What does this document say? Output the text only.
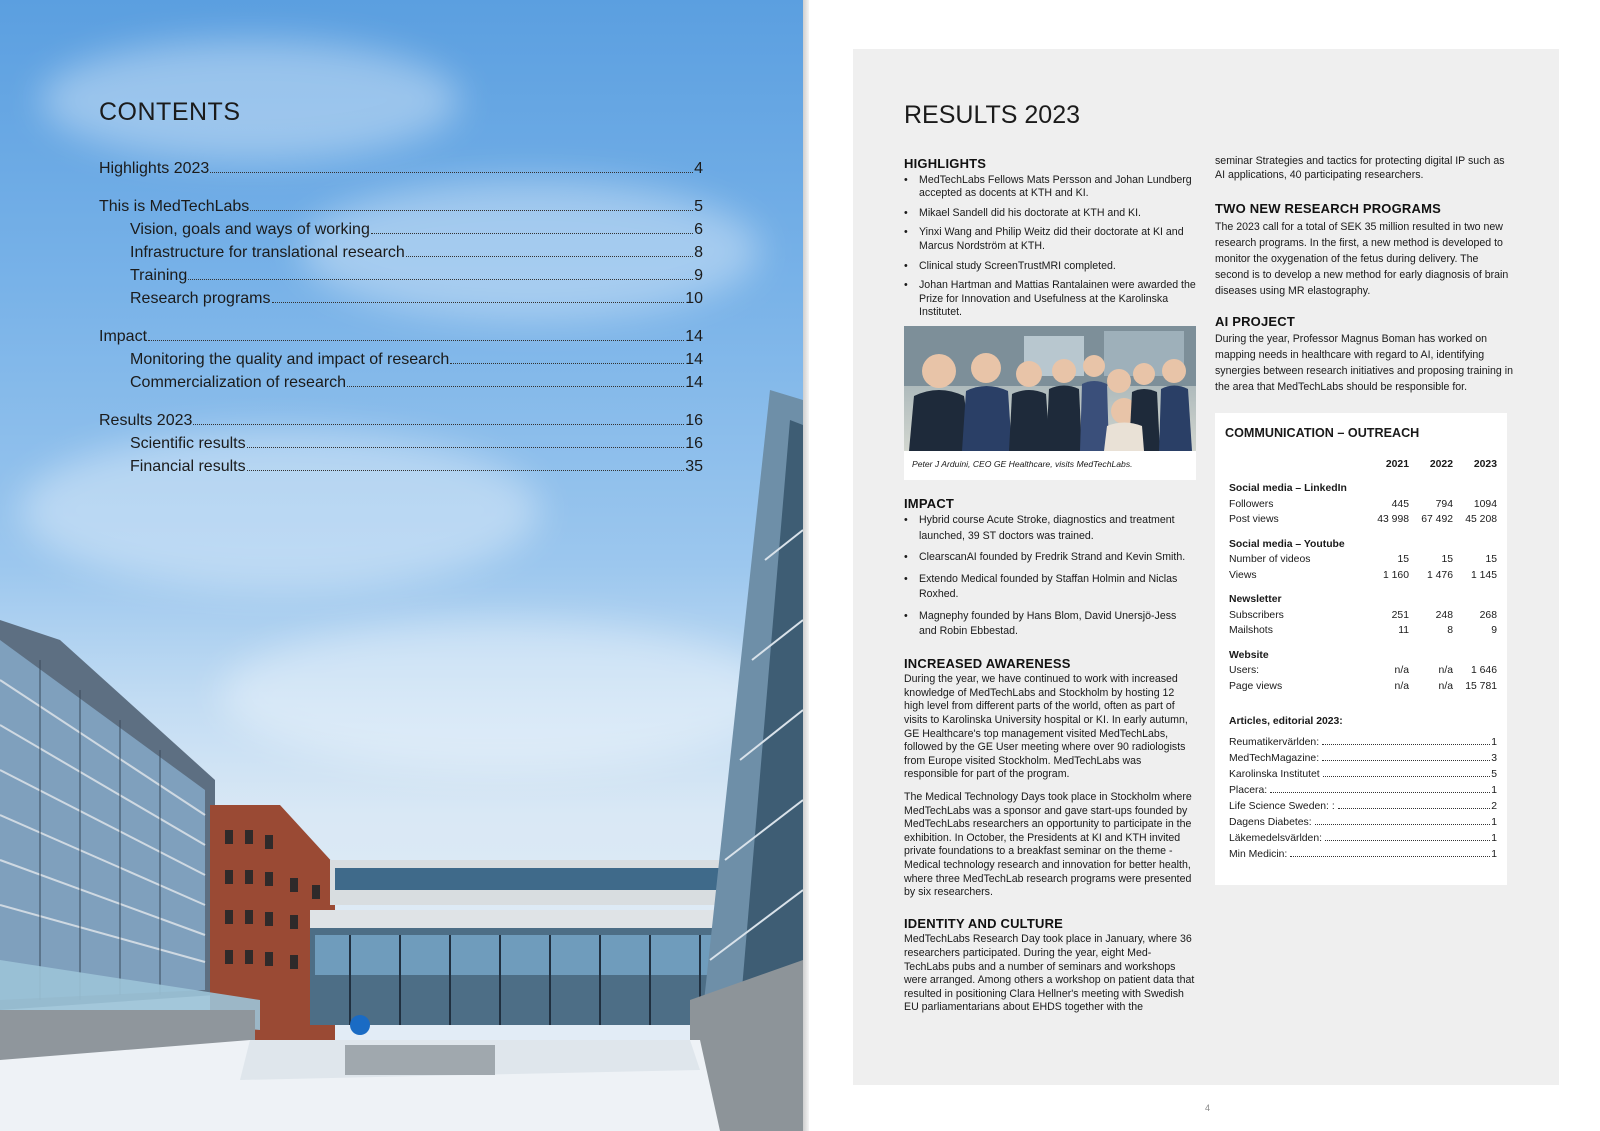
CONTENTS
Highlights 2023	4
This is MedTechLabs	5
Vision, goals and ways of working	6
Infrastructure for translational research	8
Training	9
Research programs	10
Impact	14
Monitoring the quality and impact of research	14
Commercialization of research	14
Results 2023	16
Scientific results	16
Financial results	35
RESULTS 2023
HIGHLIGHTS
• MedTechLabs Fellows Mats Persson and Johan Lundberg accepted as docents at KTH and KI.
• Mikael Sandell did his doctorate at KTH and KI.
• Yinxi Wang and Philip Weitz did their doctorate at KI and Marcus Nordström at KTH.
• Clinical study ScreenTrustMRI completed.
• Johan Hartman and Mattias Rantalainen were awarded the Prize for Innovation and Usefulness at the Karolinska Institutet.
Peter J Arduini, CEO GE Healthcare, visits MedTechLabs.
IMPACT
• Hybrid course Acute Stroke, diagnostics and treatment launched, 39 ST doctors was trained.
• ClearscanAI founded by Fredrik Strand and Kevin Smith.
• Extendo Medical founded by Staffan Holmin and Niclas Roxhed.
• Magnephy founded by Hans Blom, David Unersjö-Jess and Robin Ebbestad.
INCREASED AWARENESS

During the year, we have continued to work with increased knowledge of MedTechLabs and Stockholm by hosting 12 high level from different parts of the world, often as part of visits to Karolinska University hospital or KI. In early autumn, GE Healthcare's top management visited MedTechLabs, followed by the GE User meeting where over 90 radiologists from Europe visited Stockholm. MedTechLabs was responsible for part of the program.

The Medical Technology Days took place in Stockholm where MedTechLabs was a sponsor and gave start-ups founded by MedTechLabs researchers an opportunity to participate in the exhibition. In October, the Presidents at KI and KTH invited private foundations to a breakfast seminar on the theme - Medical technology research and innovation for better health, where three MedTechLab research programs were presented by six researchers.

IDENTITY AND CULTURE

MedTechLabs Research Day took place in January, where 36 researchers participated. During the year, eight Med-TechLabs pubs and a number of seminars and workshops were arranged. Among others a workshop on patient data that resulted in positioning Clara Hellner's meeting with Swedish EU parliamentarians about EHDS together with the

seminar Strategies and tactics for protecting digital IP such as AI applications, 40 participating researchers.

TWO NEW RESEARCH PROGRAMS

The 2023 call for a total of SEK 35 million resulted in two new research programs. In the first, a new method is developed to monitor the oxygenation of the fetus during delivery. The second is to develop a new method for early diagnosis of brain diseases using MR elastography.

AI PROJECT

During the year, Professor Magnus Boman has worked on mapping needs in healthcare with regard to AI, identifying synergies between research initiatives and proposing training in the area that MedTechLabs should be responsible for.

COMMUNICATION – OUTREACH
	2021	2022	2023
Social media – LinkedIn			
Followers	445	794	1094
Post views	43 998	67 492	45 208
Social media – Youtube			
Number of videos	15	15	15
Views	1 160	1 476	1 145
Newsletter			
Subscribers	251	248	268
Mailshots	11	8	9
Website			
Users:	n/a	n/a	1 646
Page views	n/a	n/a	15 781
Articles, editorial 2023:
Reumatikervärlden:	1
MedTechMagazine:	3
Karolinska Institutet	5
Placera:	1
Life Science Sweden: :	2
Dagens Diabetes:	1
Läkemedelsvärlden:	1
Min Medicin:	1
4
